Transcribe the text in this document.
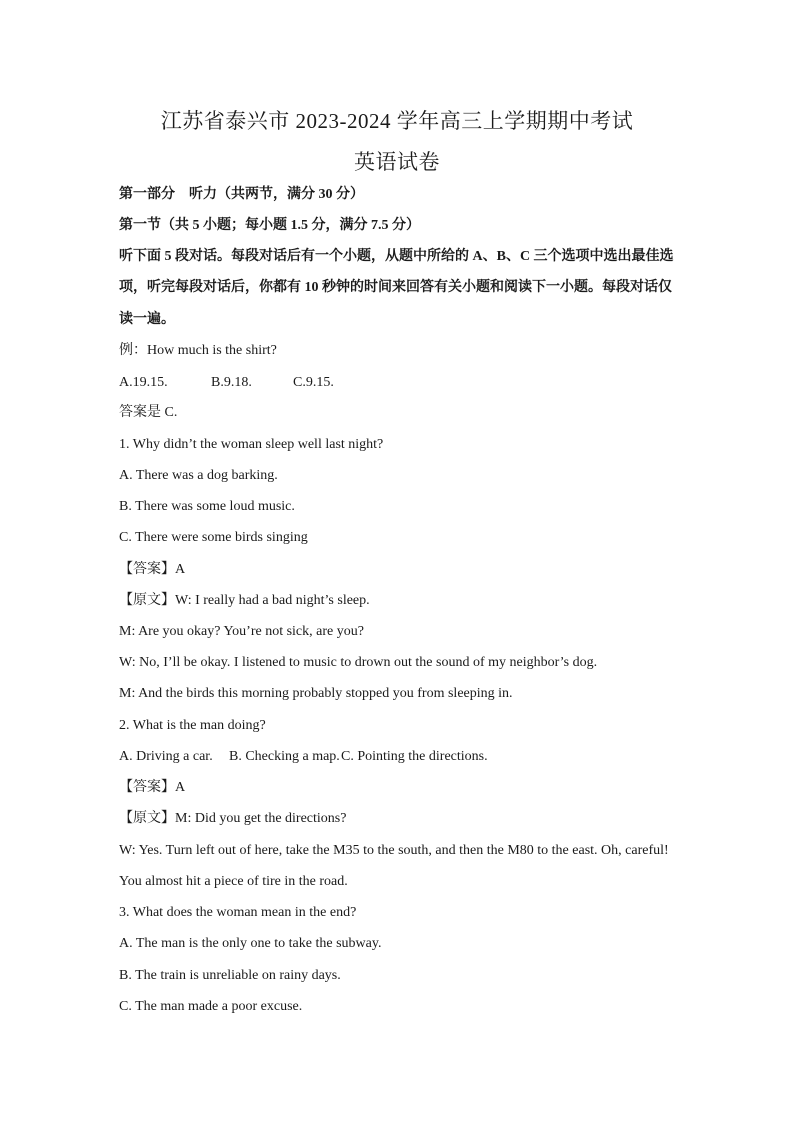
江苏省泰兴市 2023-2024 学年高三上学期期中考试
英语试卷
第一部分　听力（共两节，满分 30 分）
第一节（共 5 小题；每小题 1.5 分，满分 7.5 分）
听下面 5 段对话。每段对话后有一个小题，从题中所给的 A、B、C 三个选项中选出最佳选
项，听完每段对话后，你都有 10 秒钟的时间来回答有关小题和阅读下一小题。每段对话仅
读一遍。
例：How much is the shirt?
A.19.15.	B.9.18.	C.9.15.
答案是 C.
1. Why didn’t the woman sleep well last night?
A. There was a dog barking.
B. There was some loud music.
C. There were some birds singing
【答案】A
【原文】W: I really had a bad night’s sleep.
M: Are you okay? You’re not sick, are you?
W: No, I’ll be okay. I listened to music to drown out the sound of my neighbor’s dog.
M: And the birds this morning probably stopped you from sleeping in.
2. What is the man doing?
A. Driving a car. B. Checking a map.C. Pointing the directions.
【答案】A
【原文】M: Did you get the directions?
W: Yes. Turn left out of here, take the M35 to the south, and then the M80 to the east. Oh, careful!
You almost hit a piece of tire in the road.
3. What does the woman mean in the end?
A. The man is the only one to take the subway.
B. The train is unreliable on rainy days.
C. The man made a poor excuse.
